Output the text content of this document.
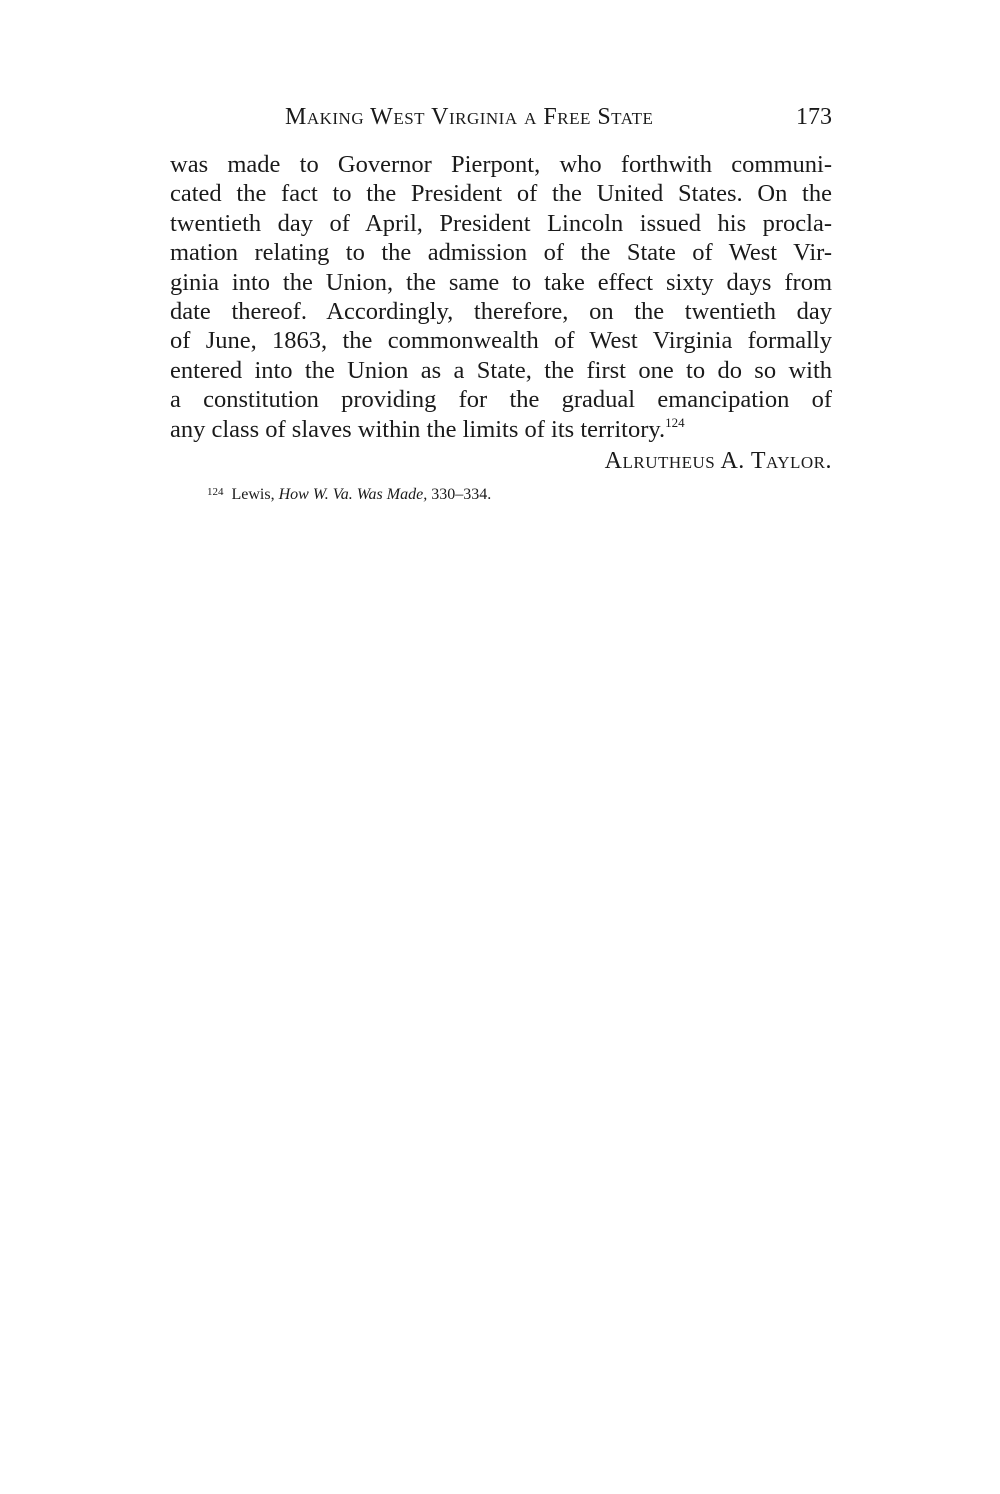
Making West Virginia a Free State	173
was made to Governor Pierpont, who forthwith communi-
cated the fact to the President of the United States. On the
twentieth day of April, President Lincoln issued his procla-
mation relating to the admission of the State of West Vir-
ginia into the Union, the same to take effect sixty days from
date thereof. Accordingly, therefore, on the twentieth day
of June, 1863, the commonwealth of West Virginia formally
entered into the Union as a State, the first one to do so with
a constitution providing for the gradual emancipation of
any class of slaves within the limits of its territory.$^{124}$
Alrutheus A. Taylor.
$^{124}$ Lewis, How W. Va. Was Made, 330–334.
